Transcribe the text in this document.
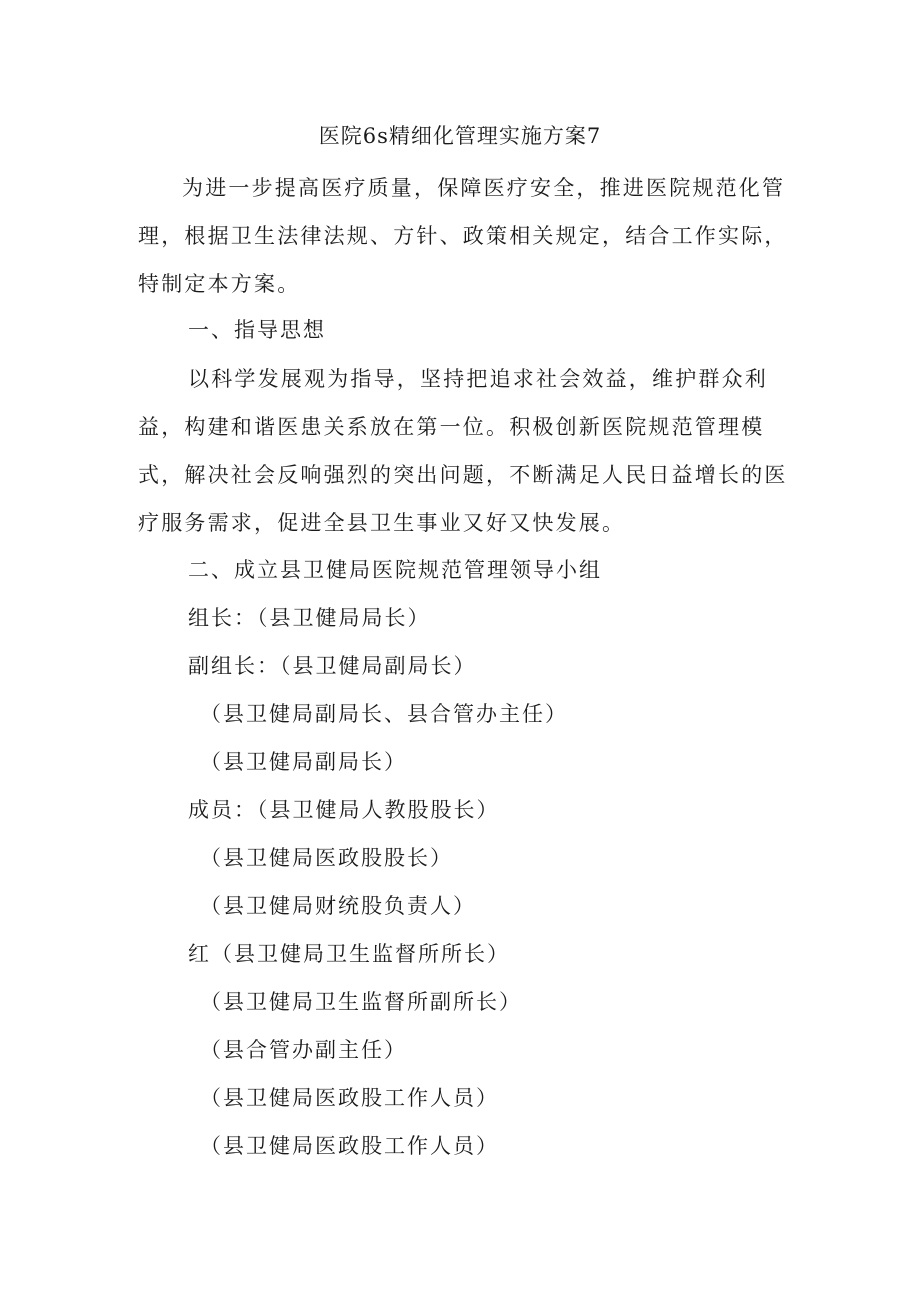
医院6s精细化管理实施方案7
为进一步提高医疗质量，保障医疗安全，推进医院规范化管理，根据卫生法律法规、方针、政策相关规定，结合工作实际，特制定本方案。
一、指导思想
以科学发展观为指导，坚持把追求社会效益，维护群众利益，构建和谐医患关系放在第一位。积极创新医院规范管理模式，解决社会反响强烈的突出问题，不断满足人民日益增长的医疗服务需求，促进全县卫生事业又好又快发展。
二、成立县卫健局医院规范管理领导小组
组长：（县卫健局局长）
副组长：（县卫健局副局长）
（县卫健局副局长、县合管办主任）
（县卫健局副局长）
成员：（县卫健局人教股股长）
（县卫健局医政股股长）
（县卫健局财统股负责人）
红（县卫健局卫生监督所所长）
（县卫健局卫生监督所副所长）
（县合管办副主任）
（县卫健局医政股工作人员）
（县卫健局医政股工作人员）
